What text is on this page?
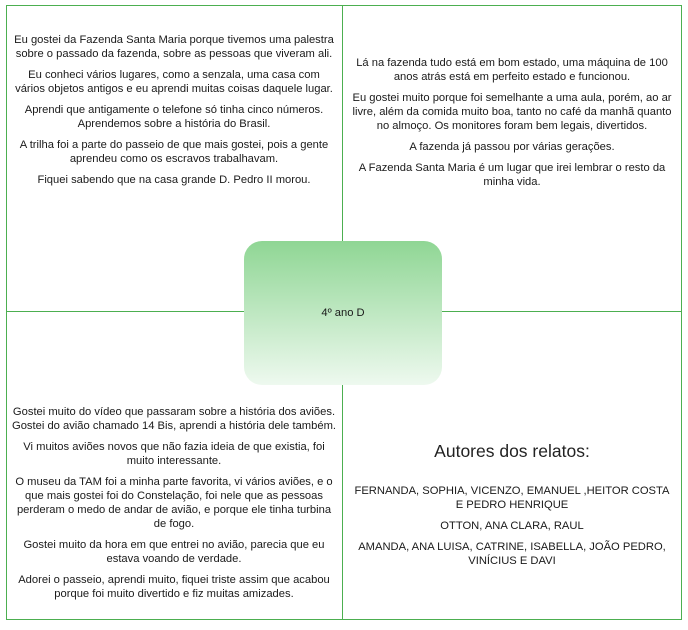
Eu gostei da Fazenda Santa Maria porque tivemos uma palestra sobre o passado da fazenda, sobre as pessoas que viveram ali.

Eu conheci vários lugares, como a senzala, uma casa com vários objetos antigos e eu aprendi muitas coisas daquele lugar.

Aprendi que antigamente o telefone só tinha cinco números. Aprendemos sobre a história do Brasil.

A trilha foi a parte do passeio de que mais gostei, pois a gente aprendeu como os escravos trabalhavam.

Fiquei sabendo que na casa grande D. Pedro II morou.

Lá na fazenda tudo está em bom estado, uma máquina de 100 anos atrás está em perfeito estado e funcionou.

Eu gostei muito porque foi semelhante a uma aula, porém, ao ar livre, além da comida muito boa, tanto no café da manhã quanto no almoço. Os monitores foram bem legais, divertidos.

A fazenda já passou por várias gerações.

A Fazenda Santa Maria é um lugar que irei lembrar o resto da minha vida.

Gostei muito do vídeo que passaram sobre a história dos aviões. Gostei do avião chamado 14 Bis, aprendi a história dele também.

Vi muitos aviões novos que não fazia ideia de que existia, foi muito interessante.

O museu da TAM foi a minha parte favorita, vi vários aviões, e o que mais gostei foi do Constelação, foi nele que as pessoas perderam o medo de andar de avião, e porque ele tinha turbina de fogo.

Gostei muito da hora em que entrei no avião, parecia que eu estava voando de verdade.

Adorei o passeio, aprendi muito, fiquei triste assim que acabou porque foi muito divertido e fiz muitas amizades.

Autores dos relatos:

FERNANDA, SOPHIA, VICENZO, EMANUEL ,HEITOR COSTA E PEDRO HENRIQUE

OTTON, ANA CLARA, RAUL

AMANDA, ANA LUISA, CATRINE, ISABELLA, JOÃO PEDRO, VINÍCIUS E DAVI

4º ano D
